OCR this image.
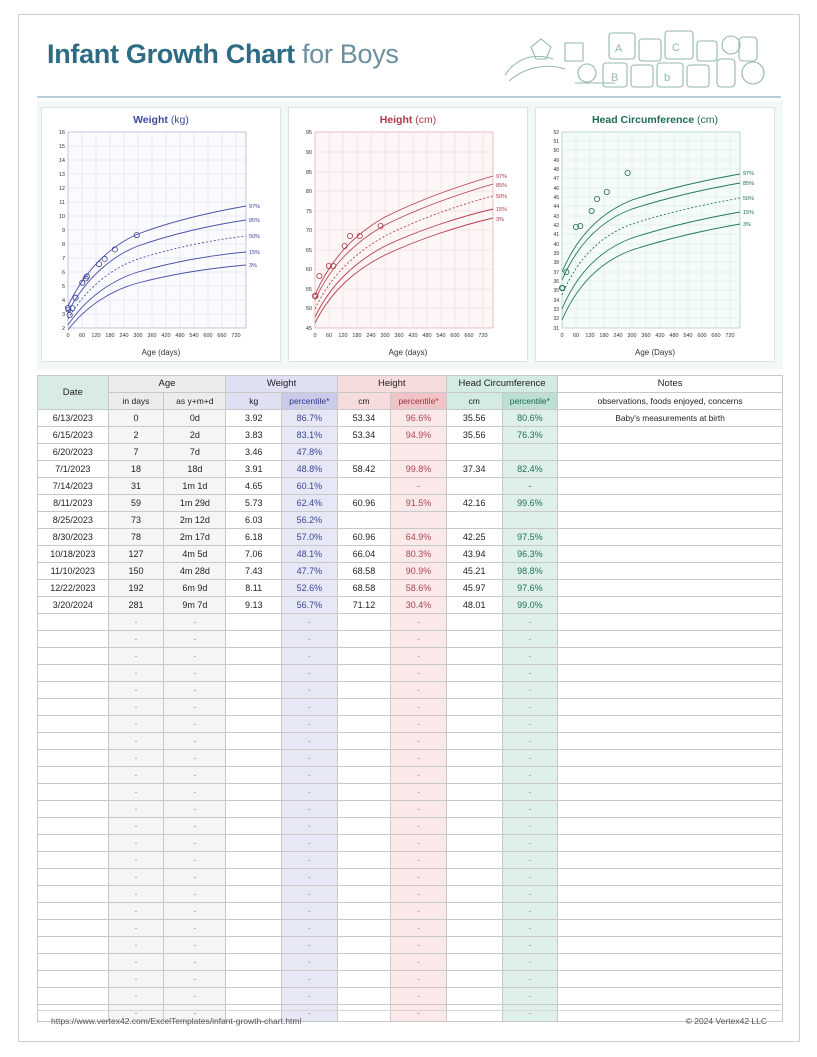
Infant Growth Chart for Boys	A	C
B	b
Weight (kg)
16
15
14
13
12
11
10
9
8
7
6
5
4
3
2
0 60 120 180 240 300 360 420 480 540 600 660 720
97%
85%
50%
15%
3%
Age (days)
Height (cm)
95
90
85
80
75
70
65
60
55
50
45
0 60 120 180 240 300 360 420 480 540 600 660 720
97%
85%
50%
15%
3%
Age (days)
Head Circumference (cm)
52
51
50
49
48
47
46
45
44
43
42
41
40
39
38
37
36
35
34
33
32
31
0 60 120 180 240 300 360 420 480 540 600 660 720
97%
85%
50%
15%
3%
Age (Days)
Date	Age		Weight		Height		Head Circumference		Notes
	in days	as y+m+d	kg	percentile*	cm	percentile*	cm	percentile*	observations, foods enjoyed, concerns
6/13/2023	0	0d	3.92	86.7%	53.34	96.6%	35.56	80.6%	Baby's measurements at birth
6/15/2023	2	2d	3.83	83.1%	53.34	94.9%	35.56	76.3%	
6/20/2023	7	7d	3.46	47.8%					
7/1/2023	18	18d	3.91	48.8%	58.42	99.8%	37.34	82.4%	
7/14/2023	31	1m 1d	4.65	60.1%		-		-	
8/11/2023	59	1m 29d	5.73	62.4%	60.96	91.5%	42.16	99.6%	
8/25/2023	73	2m 12d	6.03	56.2%					
8/30/2023	78	2m 17d	6.18	57.0%	60.96	64.9%	42.25	97.5%	
10/18/2023	127	4m 5d	7.06	48.1%	66.04	80.3%	43.94	96.3%	
11/10/2023	150	4m 28d	7.43	47.7%	68.58	90.9%	45.21	98.8%	
12/22/2023	192	6m 9d	8.11	52.6%	68.58	58.6%	45.97	97.6%	
3/20/2024	281	9m 7d	9.13	56.7%	71.12	30.4%	48.01	99.0%	
	-	-		-		-		-	
	-	-		-		-		-	
	-	-		-		-		-	
	-	-		-		-		-	
	-	-		-		-		-	
	-	-		-		-		-	
	-	-		-		-		-	
	-	-		-		-		-	
	-	-		-		-		-	
	-	-		-		-		-	
	-	-		-		-		-	
	-	-		-		-		-	
	-	-		-		-		-	
	-	-		-		-		-	
	-	-		-		-		-	
	-	-		-		-		-	
	-	-		-		-		-	
	-	-		-		-		-	
	-	-		-		-		-	
	-	-		-		-		-	
	-	-		-		-		-	
	-	-		-		-		-	
	-	-		-		-		-	
	-	-		-		-		-	
https://www.vertex42.com/ExcelTemplates/infant-growth-chart.html	© 2024 Vertex42 LLC
